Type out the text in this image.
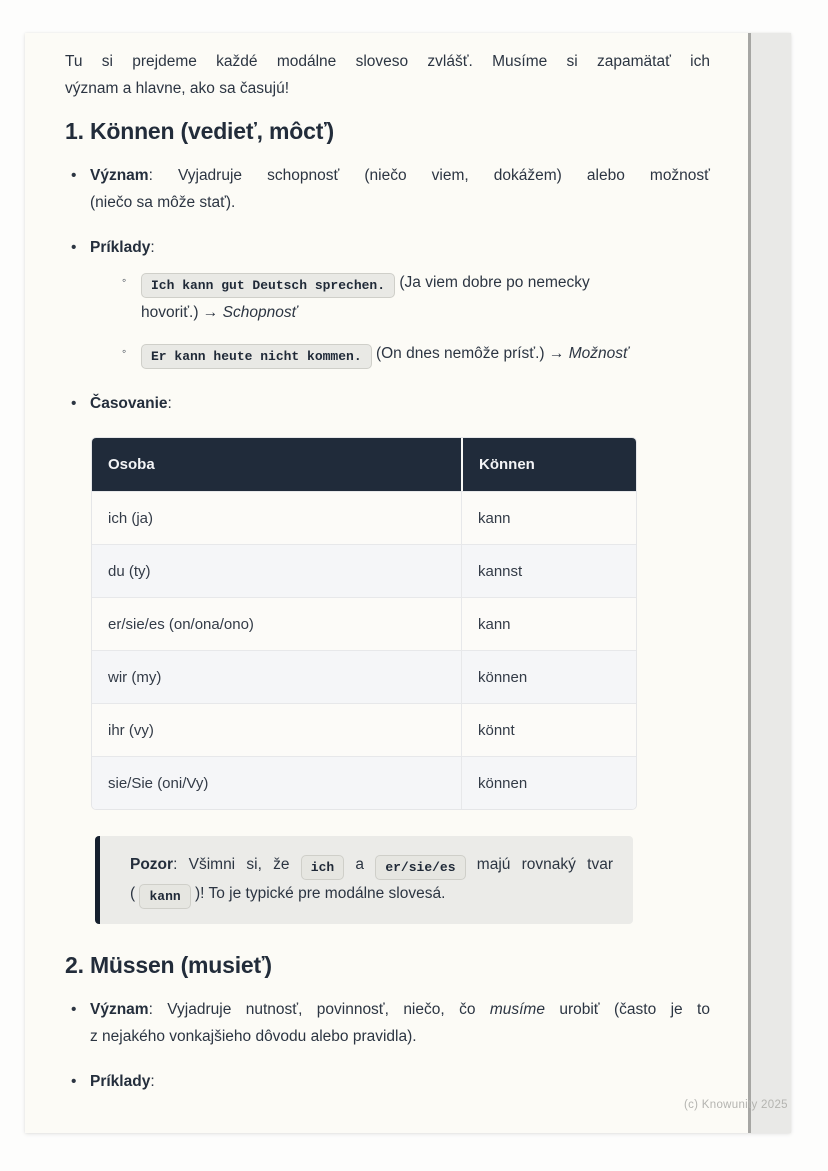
Tu si prejdeme každé modálne sloveso zvlášť. Musíme si zapamätať ich
význam a hlavne, ako sa časujú!

1. Können (vedieť, môcť)
• Význam: Vyjadruje schopnosť (niečo viem, dokážem) alebo možnosť
(niečo sa môže stať).
• Príklady:
◦	Ich kann gut Deutsch sprechen. (Ja viem dobre po nemecky
hovoriť.) → Schopnosť
◦	Er kann heute nicht kommen. (On dnes nemôže prísť.) → Možnosť
• Časovanie:
Osoba	Können
ich (ja)	kann
du (ty)	kannst
er/sie/es (on/ona/ono)	kann
wir (my)	können
ihr (vy)	könnt
sie/Sie (oni/Vy)	können
Pozor: Všimni si, že ich a er/sie/es majú rovnaký tvar
( kann )! To je typické pre modálne slovesá.
2. Müssen (musieť)
• Význam: Vyjadruje nutnosť, povinnosť, niečo, čo musíme urobiť (často je to
z nejakého vonkajšieho dôvodu alebo pravidla).
• Príklady:
(c) Knowunity 2025
